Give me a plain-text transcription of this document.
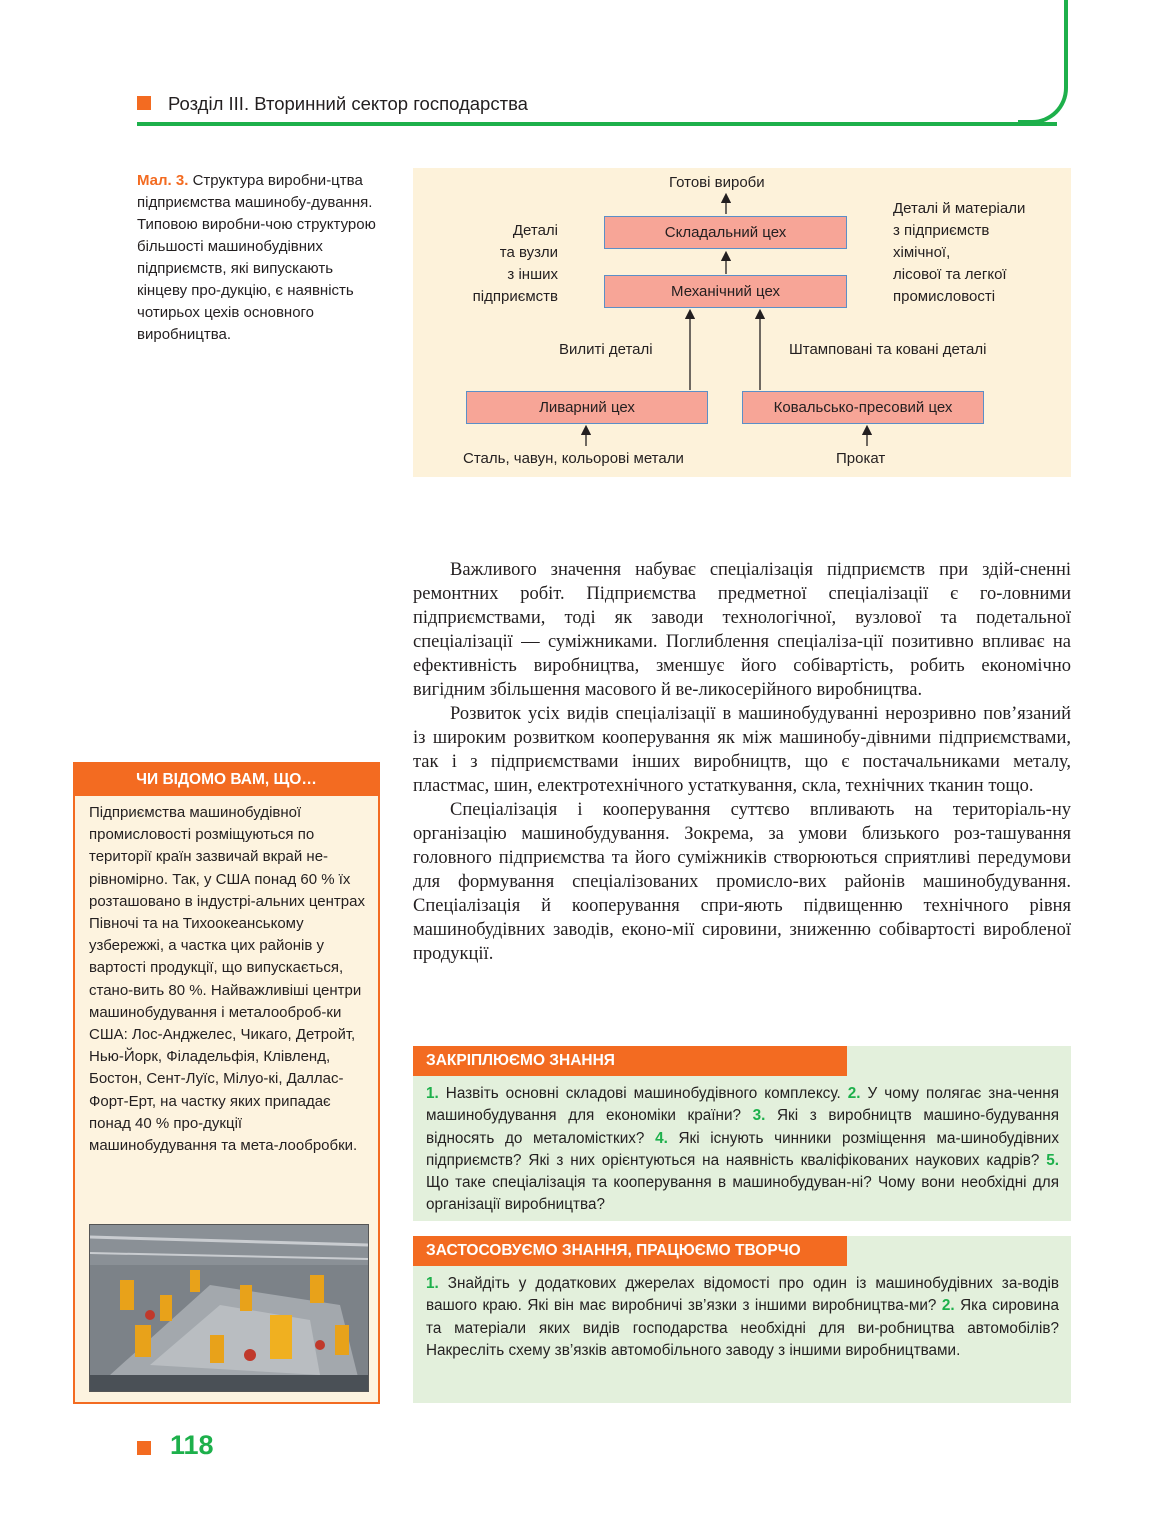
Розділ ІІІ. Вторинний сектор господарства
Мал. 3. Структура виробни-цтва підприємства машинобу-дування. Типовою виробни-чою структурою більшості машинобудівних підприємств, які випускають кінцеву про-дукцію, є наявність чотирьох цехів основного виробництва.
Готові вироби
Складальний цех
Механічний цех
Деталі
та вузли
з інших
підприємств
Деталі й матеріали
з підприємств
хімічної,
лісової та легкої
промисловості
Вилиті деталі	Штамповані та ковані деталі
Ливарний цех	Ковальсько-пресовий цех
Сталь, чавун, кольорові метали	Прокат

Важливого значення набуває спеціалізація підприємств при здій-сненні ремонтних робіт. Підприємства предметної спеціалізації є го-ловними підприємствами, тоді як заводи технологічної, вузлової та подетальної спеціалізації — суміжниками. Поглиблення спеціаліза-ції позитивно впливає на ефективність виробництва, зменшує його собівартість, робить економічно вигідним збільшення масового й ве-ликосерійного виробництва.

Розвиток усіх видів спеціалізації в машинобудуванні нерозривно пов’язаний із широким розвитком кооперування як між машинобу-дівними підприємствами, так і з підприємствами інших виробництв, що є постачальниками металу, пластмас, шин, електротехнічного устаткування, скла, технічних тканин тощо.

Спеціалізація і кооперування суттєво впливають на територіаль-ну організацію машинобудування. Зокрема, за умови близького роз-ташування головного підприємства та його суміжників створюються сприятливі передумови для формування спеціалізованих промисло-вих районів машинобудування. Спеціалізація й кооперування спри-яють підвищенню технічного рівня машинобудівних заводів, еконо-мії сировини, зниженню собівартості виробленої продукції.

ЧИ ВІДОМО ВАМ, ЩО…
Підприємства машинобудівної промисловості розміщуються по території країн зазвичай вкрай не-рівномірно. Так, у США понад 60 % їх розташовано в індустрі-альних центрах Півночі та на Тихоокеанському узбережжі, а частка цих районів у вартості продукції, що випускається, стано-вить 80 %. Найважливіші центри машинобудування і металооброб-ки США: Лос-Анджелес, Чикаго, Детройт, Нью-Йорк, Філадельфія, Клівленд, Бостон, Сент-Луїс, Мілуо-кі, Даллас-Форт-Ерт, на частку яких припадає понад 40 % про-дукції машинобудування та мета-лообробки.
ЗАКРІПЛЮЄМО ЗНАННЯ
1. Назвіть основні складові машинобудівного комплексу. 2. У чому полягає зна-чення машинобудування для економіки країни? 3. Які з виробництв машино-будування відносять до металомістких? 4. Які існують чинники розміщення ма-шинобудівних підприємств? Які з них орієнтуються на наявність кваліфікованих наукових кадрів? 5. Що таке спеціалізація та кооперування в машинобудуван-ні? Чому вони необхідні для організації виробництва?
ЗАСТОСОВУЄМО ЗНАННЯ, ПРАЦЮЄМО ТВОРЧО
1. Знайдіть у додаткових джерелах відомості про один із машинобудівних за-водів вашого краю. Які він має виробничі зв’язки з іншими виробництва-ми? 2. Яка сировина та матеріали яких видів господарства необхідні для ви-робництва автомобілів? Накресліть схему зв’язків автомобільного заводу з іншими виробництвами.
118
